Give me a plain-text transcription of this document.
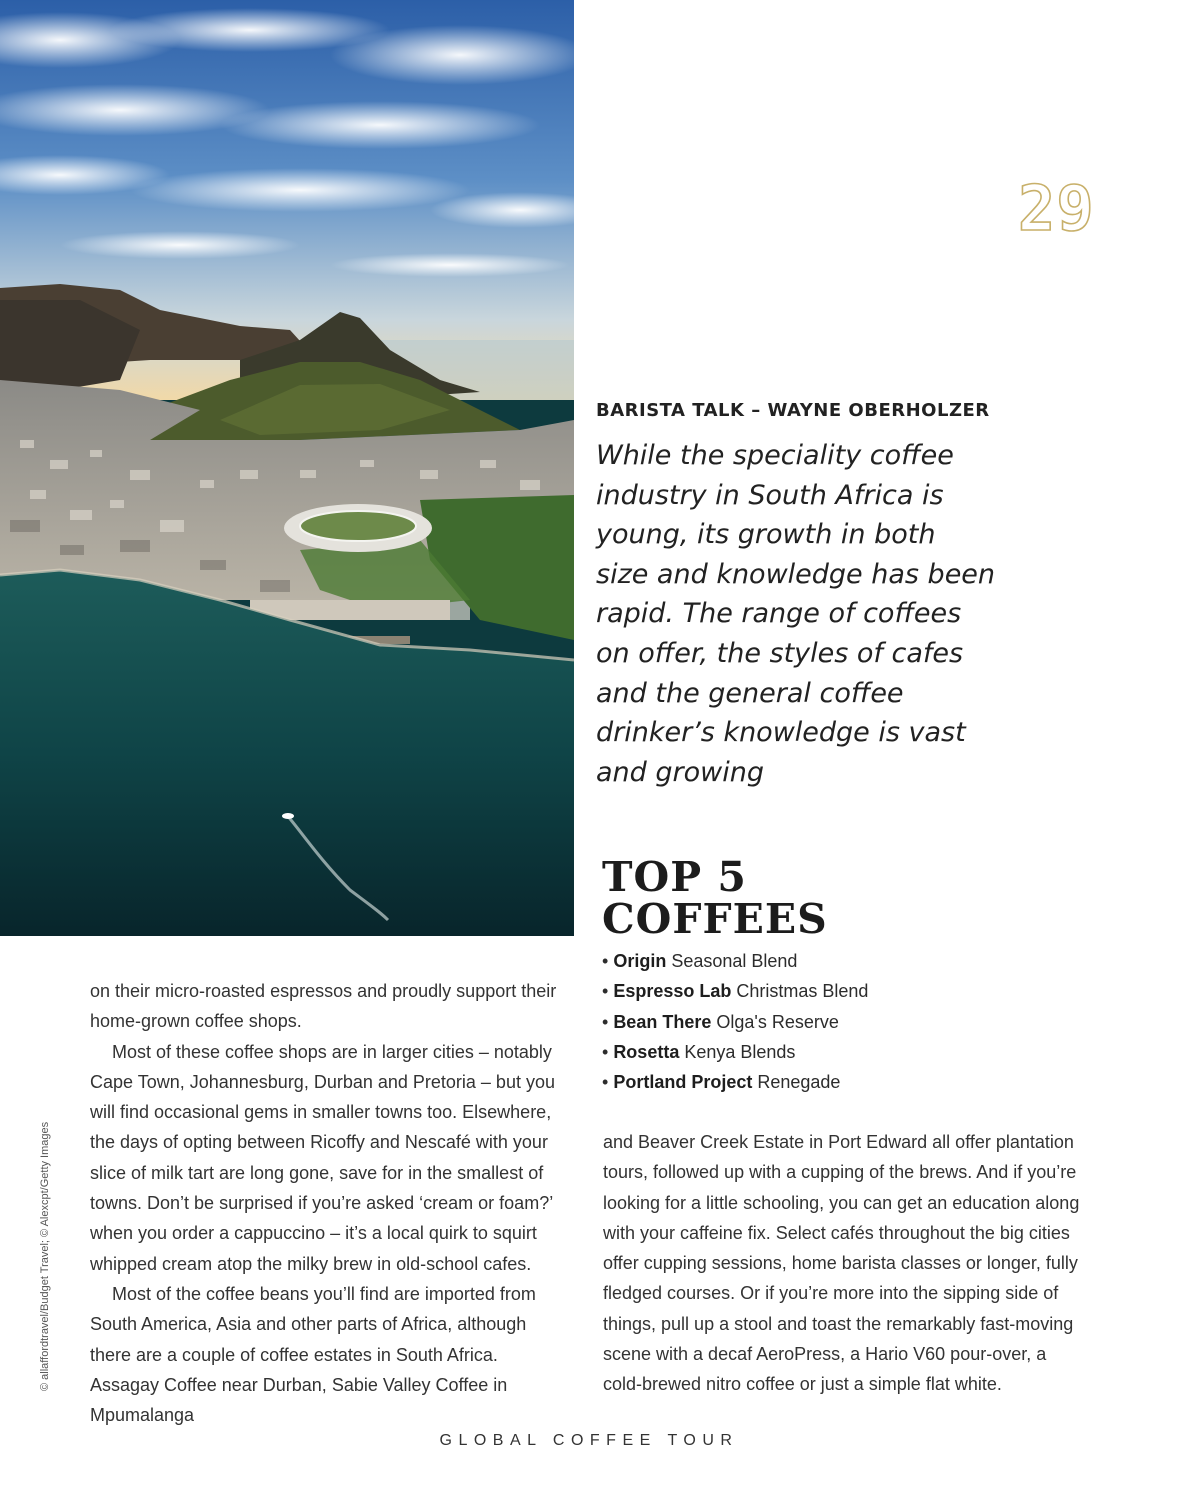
29
BARISTA TALK – WAYNE OBERHOLZER

While the speciality coffee industry in South Africa is young, its growth in both size and knowledge has been rapid. The range of coffees on offer, the styles of cafes and the general coffee drinker’s knowledge is vast and growing

TOP 5
COFFEES
• Origin Seasonal Blend
• Espresso Lab Christmas Blend
• Bean There Olga's Reserve
• Rosetta Kenya Blends
• Portland Project Renegade

on their micro-roasted espressos and proudly support their home-grown coffee shops.

Most of these coffee shops are in larger cities – notably Cape Town, Johannesburg, Durban and Pretoria – but you will find occasional gems in smaller towns too. Elsewhere, the days of opting between Ricoffy and Nescafé with your slice of milk tart are long gone, save for in the smallest of towns. Don’t be surprised if you’re asked ‘cream or foam?’ when you order a cappuccino – it’s a local quirk to squirt whipped cream atop the milky brew in old-school cafes.

Most of the coffee beans you’ll find are imported from South America, Asia and other parts of Africa, although there are a couple of coffee estates in South Africa. Assagay Coffee near Durban, Sabie Valley Coffee in Mpumalanga

and Beaver Creek Estate in Port Edward all offer plantation tours, followed up with a cupping of the brews. And if you’re looking for a little schooling, you can get an education along with your caffeine fix. Select cafés throughout the big cities offer cupping sessions, home barista classes or longer, fully fledged courses. Or if you’re more into the sipping side of things, pull up a stool and toast the remarkably fast-moving scene with a decaf AeroPress, a Hario V60 pour-over, a cold-brewed nitro coffee or just a simple flat white.

© allaffordtravel/Budget Travel; © Alexcpt/Getty Images
GLOBAL COFFEE TOUR
